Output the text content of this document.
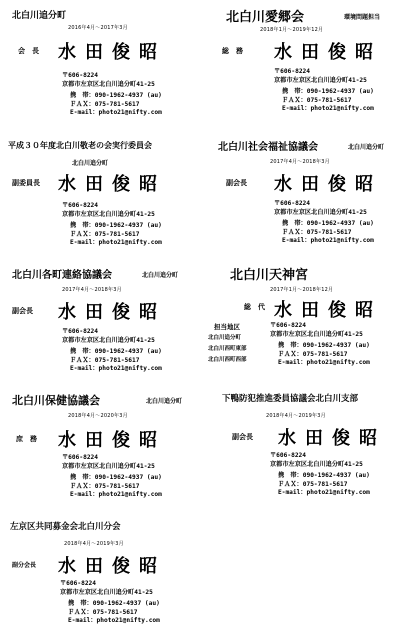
北白川追分町
2016年4月～2017年3月
会　長 水田俊昭
〒606-8224
京都市左京区北白川追分町41-25
携　帯：090-1962-4937 (au)
ＦＡＸ：075-781-5617
E-mail：photo21@nifty.com
北白川愛郷会	環境問題担当
2018年1月～2019年12月
総　務 水田俊昭
〒606-8224
京都市左京区北白川追分町41-25
携　帯：090-1962-4937 (au)
ＦＡＸ：075-781-5617
E-mail：photo21@nifty.com
平成３０年度北白川敬老の会実行委員会
北白川追分町
副委員長 水田俊昭
〒606-8224
京都市左京区北白川追分町41-25
携　帯：090-1962-4937 (au)
ＦＡＸ：075-781-5617
E-mail：photo21@nifty.com
北白川社会福祉協議会	北白川追分町
2017年4月～2018年3月
副会長 水田俊昭
〒606-8224
京都市左京区北白川追分町41-25
携　帯：090-1962-4937 (au)
ＦＡＸ：075-781-5617
E-mail：photo21@nifty.com
北白川各町連絡協議会	北白川追分町
2017年4月～2018年3月
副会長 水田俊昭
〒606-8224
京都市左京区北白川追分町41-25
携　帯：090-1962-4937 (au)
ＦＡＸ：075-781-5617
E-mail：photo21@nifty.com
北白川天神宮
2017年1月～2018年12月
総　代 水田俊昭
担当地区
北白川追分町
北白川西町東部
北白川西町西部
〒606-8224
京都市左京区北白川追分町41-25
携　帯：090-1962-4937 (au)
ＦＡＸ：075-781-5617
E-mail：photo21@nifty.com
北白川保健協議会	北白川追分町
2018年4月～2020年3月
庶　務 水田俊昭
〒606-8224
京都市左京区北白川追分町41-25
携　帯：090-1962-4937 (au)
ＦＡＸ：075-781-5617
E-mail：photo21@nifty.com
下鴨防犯推進委員協議会北白川支部
2018年4月～2019年3月
副会長 水田俊昭
〒606-8224
京都市左京区北白川追分町41-25
携　帯：090-1962-4937 (au)
ＦＡＸ：075-781-5617
E-mail：photo21@nifty.com
左京区共同募金会北白川分会
2018年4月～2019年3月
副分会長 水田俊昭
〒606-8224
京都市左京区北白川追分町41-25
携　帯：090-1962-4937 (au)
ＦＡＸ：075-781-5617
E-mail：photo21@nifty.com
